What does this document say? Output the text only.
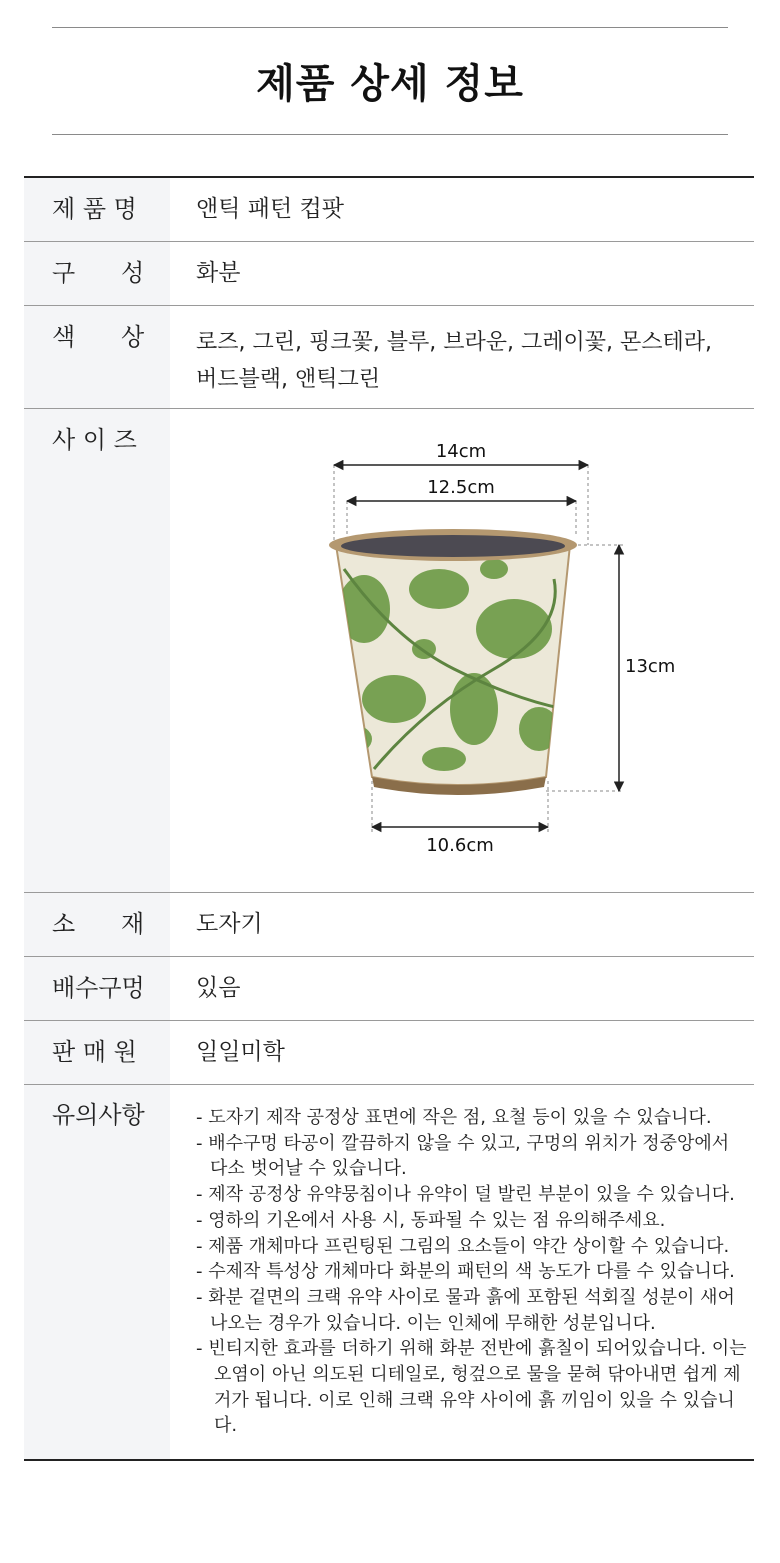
제품 상세 정보
제 품 명	앤틱 패턴 컵팟
구      성	화분
색      상	로즈, 그린, 핑크꽃, 블루, 브라운, 그레이꽃, 몬스테라,
버드블랙, 앤틱그린
사 이 즈	14cm
12.5cm
13cm
10.6cm
소      재	도자기
배수구멍	있음
판 매 원	일일미학
유의사항	- 도자기 제작 공정상 표면에 작은 점, 요철 등이 있을 수 있습니다.
- 배수구멍 타공이 깔끔하지 않을 수 있고, 구멍의 위치가 정중앙에서 다소 벗어날 수 있습니다.
- 제작 공정상 유약뭉침이나 유약이 덜 발린 부분이 있을 수 있습니다.
- 영하의 기온에서 사용 시, 동파될 수 있는 점 유의해주세요.
- 제품 개체마다 프린팅된 그림의 요소들이 약간 상이할 수 있습니다.
- 수제작 특성상 개체마다 화분의 패턴의 색 농도가 다를 수 있습니다.
- 화분 겉면의 크랙 유약 사이로 물과 흙에 포함된 석회질 성분이 새어 나오는 경우가 있습니다. 이는 인체에 무해한 성분입니다.
- 빈티지한 효과를 더하기 위해 화분 전반에 흙칠이 되어있습니다. 이는 오염이 아닌 의도된 디테일로, 헝겊으로 물을 묻혀 닦아내면 쉽게 제거가 됩니다. 이로 인해 크랙 유약 사이에 흙 끼임이 있을 수 있습니다.
